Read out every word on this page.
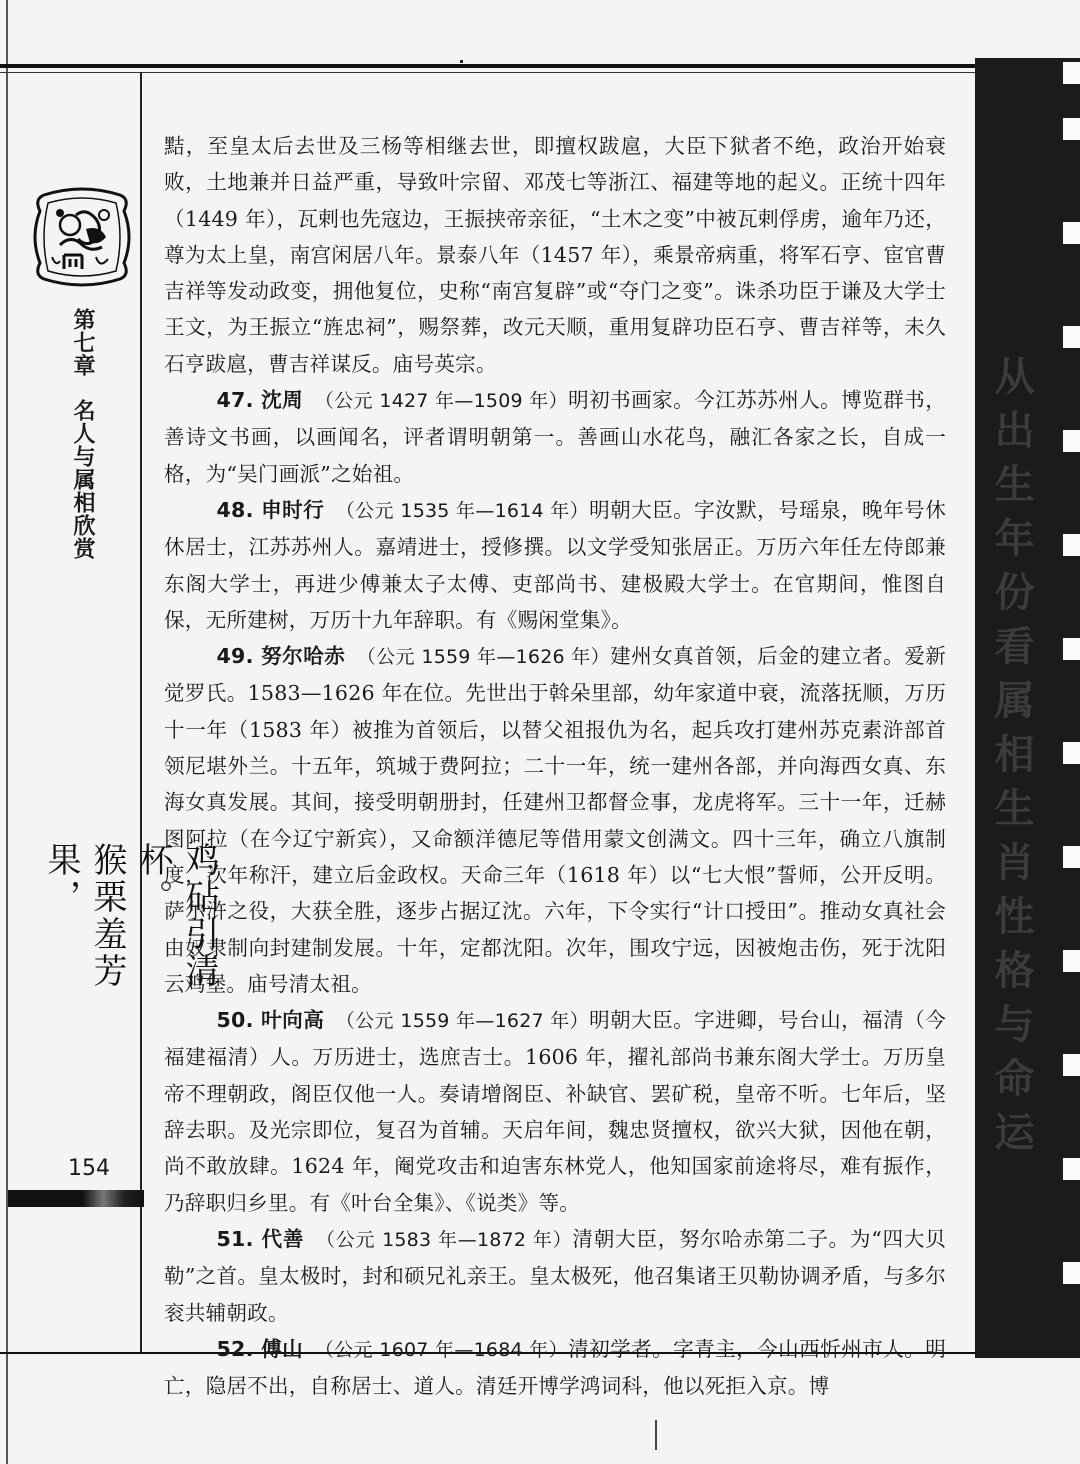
从出生年份看属相生肖性格与命运
第七章名人与属相欣赏
鸡砧引清杯。
猴栗羞芳果，
154

黠，至皇太后去世及三杨等相继去世，即擅权跋扈，大臣下狱者不绝，政治开始衰败，土地兼并日益严重，导致叶宗留、邓茂七等浙江、福建等地的起义。正统十四年（1449 年），瓦剌也先寇边，王振挟帝亲征，“土木之变”中被瓦剌俘虏，逾年乃还，尊为太上皇，南宫闲居八年。景泰八年（1457 年），乘景帝病重，将军石亨、宦官曹吉祥等发动政变，拥他复位，史称“南宫复辟”或“夺门之变”。诛杀功臣于谦及大学士王文，为王振立“旌忠祠”，赐祭葬，改元天顺，重用复辟功臣石亨、曹吉祥等，未久石亨跋扈，曹吉祥谋反。庙号英宗。

47. 沈周　 （公元 1427 年—1509 年）明初书画家。今江苏苏州人。博览群书，善诗文书画，以画闻名，评者谓明朝第一。善画山水花鸟，融汇各家之长，自成一格，为“吴门画派”之始祖。

48. 申时行　 （公元 1535 年—1614 年）明朝大臣。字汝默，号瑶泉，晚年号休休居士，江苏苏州人。嘉靖进士，授修撰。以文学受知张居正。万历六年任左侍郎兼东阁大学士，再进少傅兼太子太傅、吏部尚书、建极殿大学士。在官期间，惟图自保，无所建树，万历十九年辞职。有《赐闲堂集》。

49. 努尔哈赤　 （公元 1559 年—1626 年）建州女真首领，后金的建立者。爱新觉罗氏。1583—1626 年在位。先世出于斡朵里部，幼年家道中衰，流落抚顺，万历十一年（1583 年）被推为首领后，以替父祖报仇为名，起兵攻打建州苏克素浒部首领尼堪外兰。十五年，筑城于费阿拉；二十一年，统一建州各部，并向海西女真、东海女真发展。其间，接受明朝册封，任建州卫都督佥事，龙虎将军。三十一年，迁赫图阿拉（在今辽宁新宾），又命额洋德尼等借用蒙文创满文。四十三年，确立八旗制度，次年称汗，建立后金政权。天命三年（1618 年）以“七大恨”誓师，公开反明。萨尔浒之役，大获全胜，逐步占据辽沈。六年，下令实行“计口授田”。推动女真社会由奴隶制向封建制发展。十年，定都沈阳。次年，围攻宁远，因被炮击伤，死于沈阳云鸡堡。庙号清太祖。

50. 叶向高　 （公元 1559 年—1627 年）明朝大臣。字进卿，号台山，福清（今福建福清）人。万历进士，选庶吉士。1606 年，擢礼部尚书兼东阁大学士。万历皇帝不理朝政，阁臣仅他一人。奏请增阁臣、补缺官、罢矿税，皇帝不听。七年后，坚辞去职。及光宗即位，复召为首辅。天启年间，魏忠贤擅权，欲兴大狱，因他在朝，尚不敢放肆。1624 年，阉党攻击和迫害东林党人，他知国家前途将尽，难有振作，乃辞职归乡里。有《叶台全集》、《说类》等。

51. 代善　 （公元 1583 年—1872 年）清朝大臣，努尔哈赤第二子。为“四大贝勒”之首。皇太极时，封和硕兄礼亲王。皇太极死，他召集诸王贝勒协调矛盾，与多尔衮共辅朝政。

52. 傅山　 （公元 1607 年—1684 年）清初学者。字青主，今山西忻州市人。明亡，隐居不出，自称居士、道人。清廷开博学鸿词科，他以死拒入京。博
